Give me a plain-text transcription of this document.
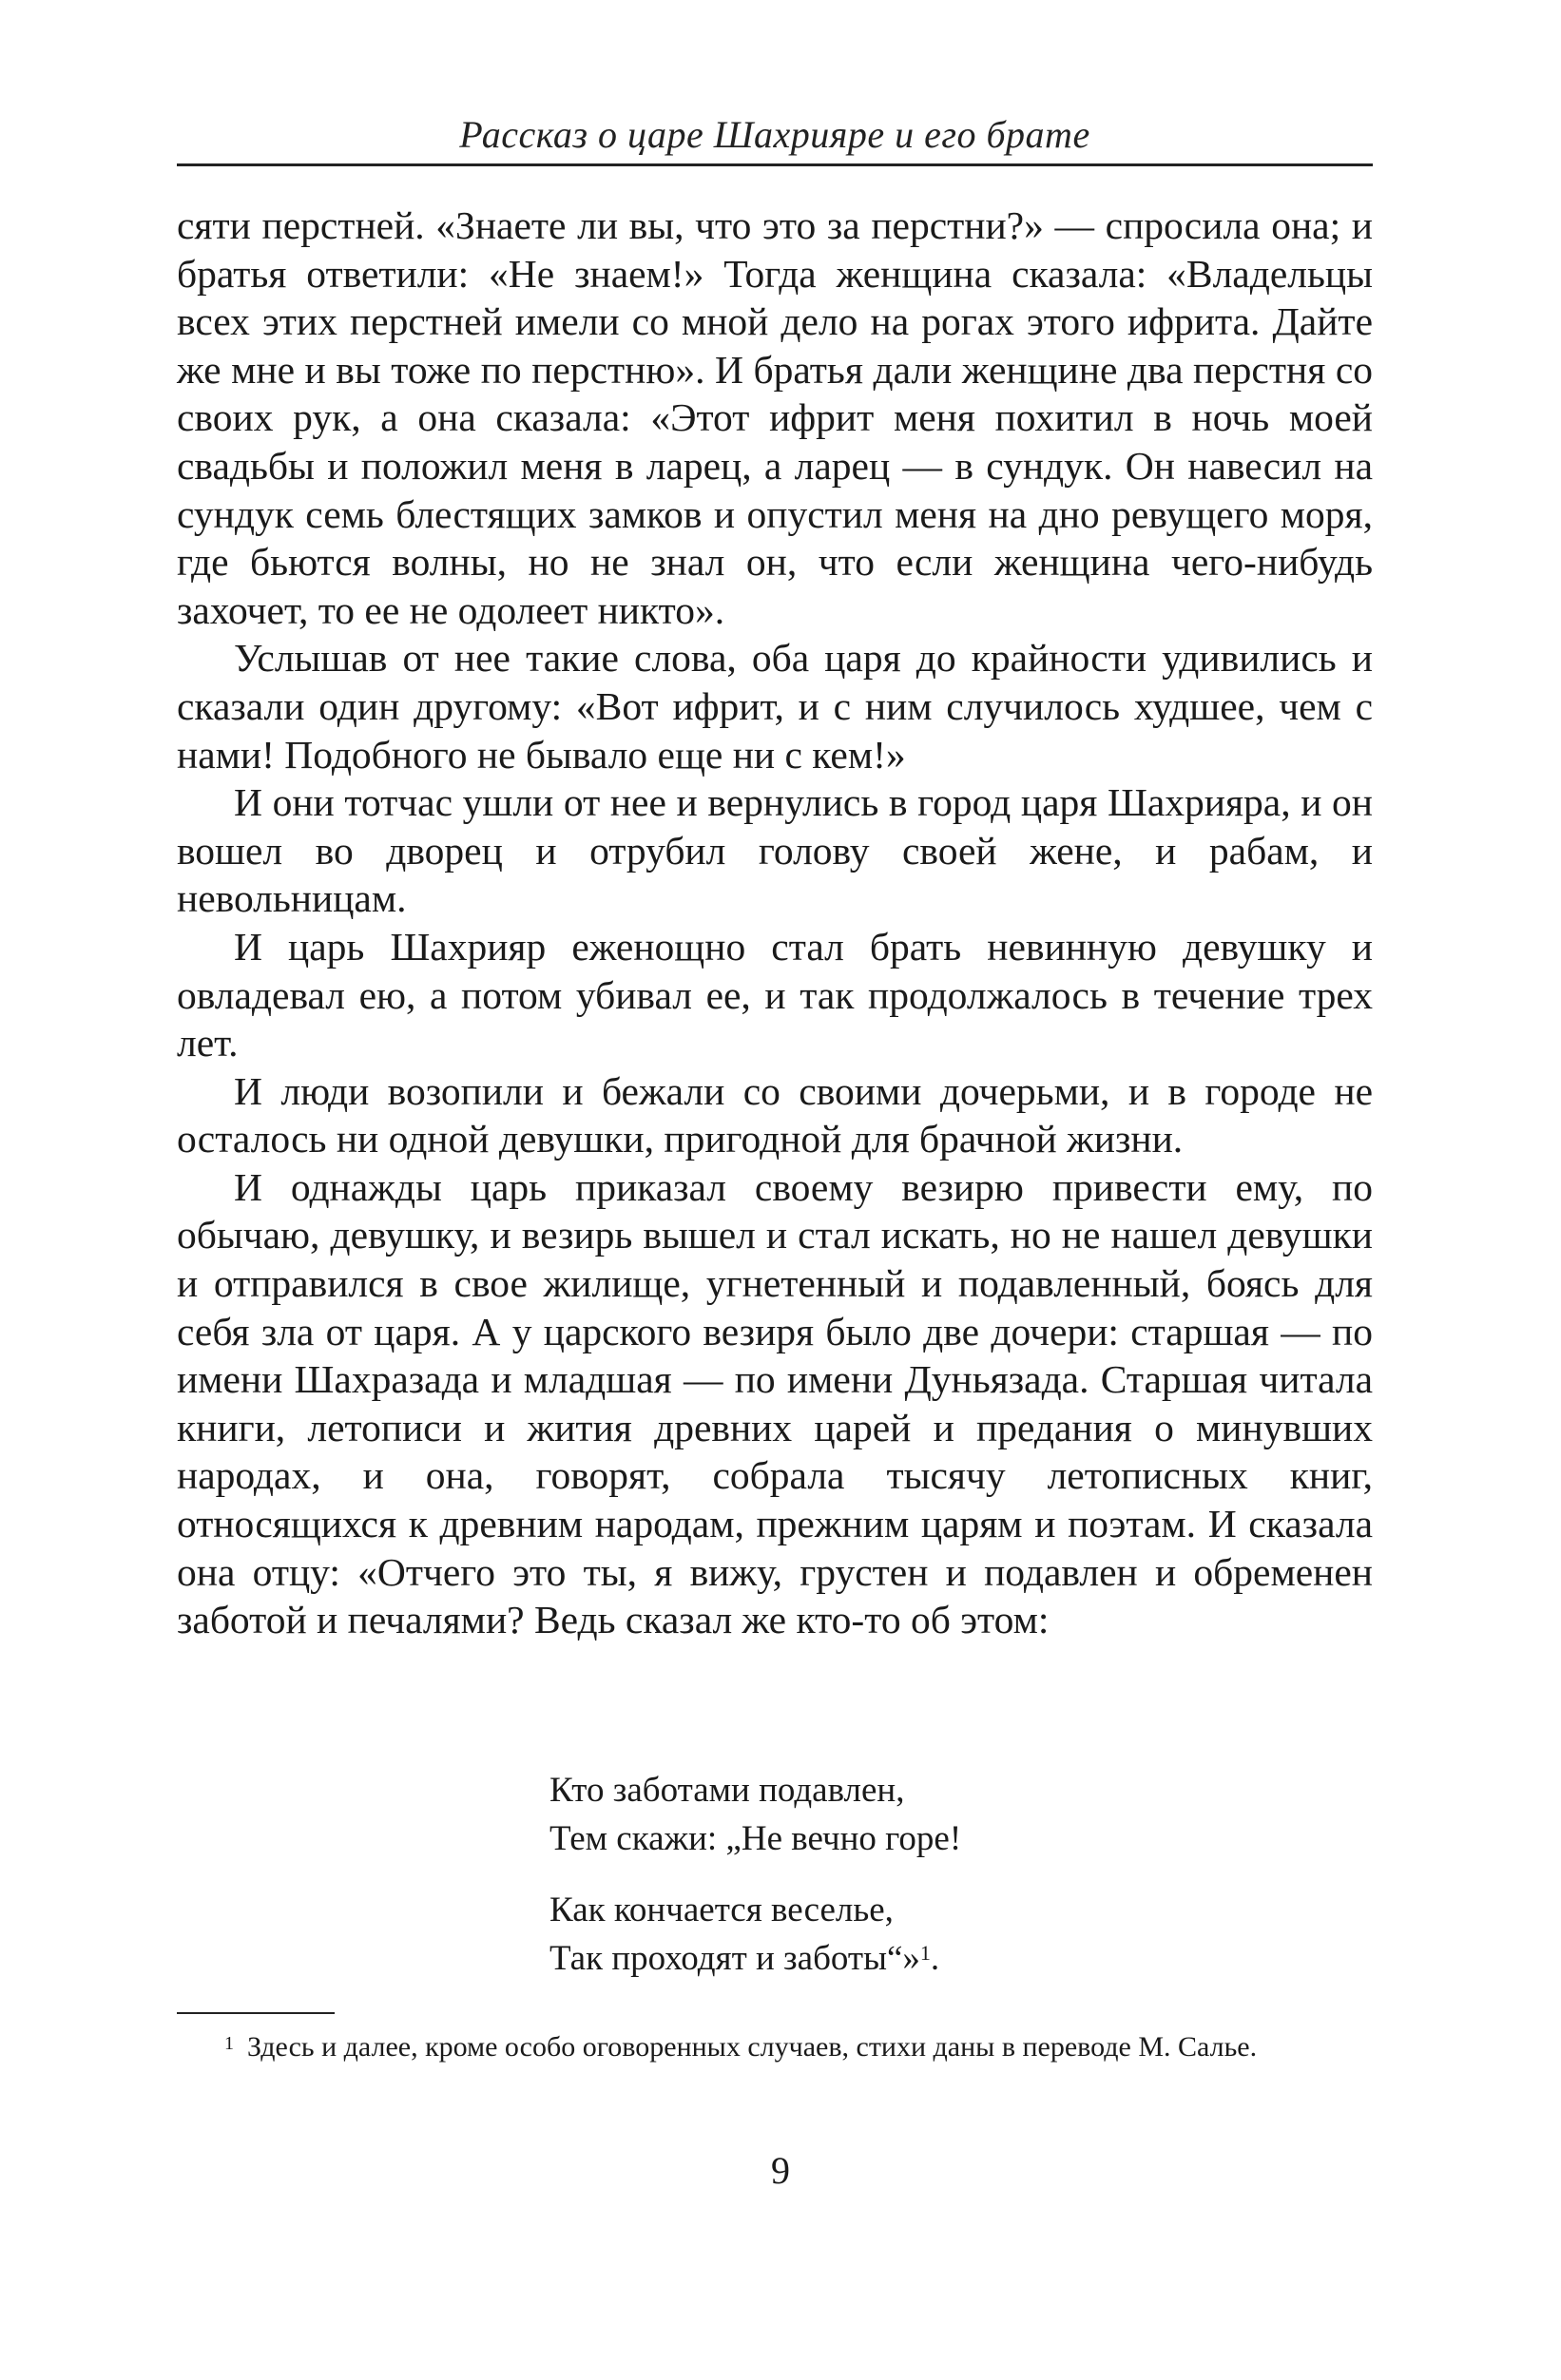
Рассказ о царе Шахрияре и его брате

сяти перстней. «Знаете ли вы, что это за перстни?» — спросила она; и братья ответили: «Не знаем!» Тогда женщина сказала: «Владельцы всех этих перстней имели со мной дело на рогах этого ифрита. Дайте же мне и вы тоже по перстню». И братья дали женщине два перстня со своих рук, а она сказала: «Этот ифрит меня похитил в ночь моей свадьбы и положил меня в ларец, а ларец — в сундук. Он навесил на сундук семь блестящих замков и опустил меня на дно ревущего моря, где бьются волны, но не знал он, что если женщина чего-нибудь захочет, то ее не одолеет никто».

Услышав от нее такие слова, оба царя до крайности удивились и сказали один другому: «Вот ифрит, и с ним случилось худшее, чем с нами! Подобного не бывало еще ни с кем!»

И они тотчас ушли от нее и вернулись в город царя Шахрияра, и он вошел во дворец и отрубил голову своей жене, и рабам, и невольницам.

И царь Шахрияр еженощно стал брать невинную девушку и овладевал ею, а потом убивал ее, и так продолжалось в течение трех лет.

И люди возопили и бежали со своими дочерьми, и в городе не осталось ни одной девушки, пригодной для брачной жизни.

И однажды царь приказал своему везирю привести ему, по обычаю, девушку, и везирь вышел и стал искать, но не нашел девушки и отправился в свое жилище, угнетенный и подавленный, боясь для себя зла от царя. А у царского везиря было две дочери: старшая — по имени Шахразада и младшая — по имени Дуньязада. Старшая читала книги, летописи и жития древних царей и предания о минувших народах, и она, говорят, собрала тысячу летописных книг, относящихся к древним народам, прежним царям и поэтам. И сказала она отцу: «Отчего это ты, я вижу, грустен и подавлен и обременен заботой и печалями? Ведь сказал же кто-то об этом:

Кто заботами подавлен,
Тем скажи: „Не вечно горе!
Как кончается веселье,
Так проходят и заботы“»$^1$.
$^1$ Здесь и далее, кроме особо оговоренных случаев, стихи даны в переводе М. Салье.
9
